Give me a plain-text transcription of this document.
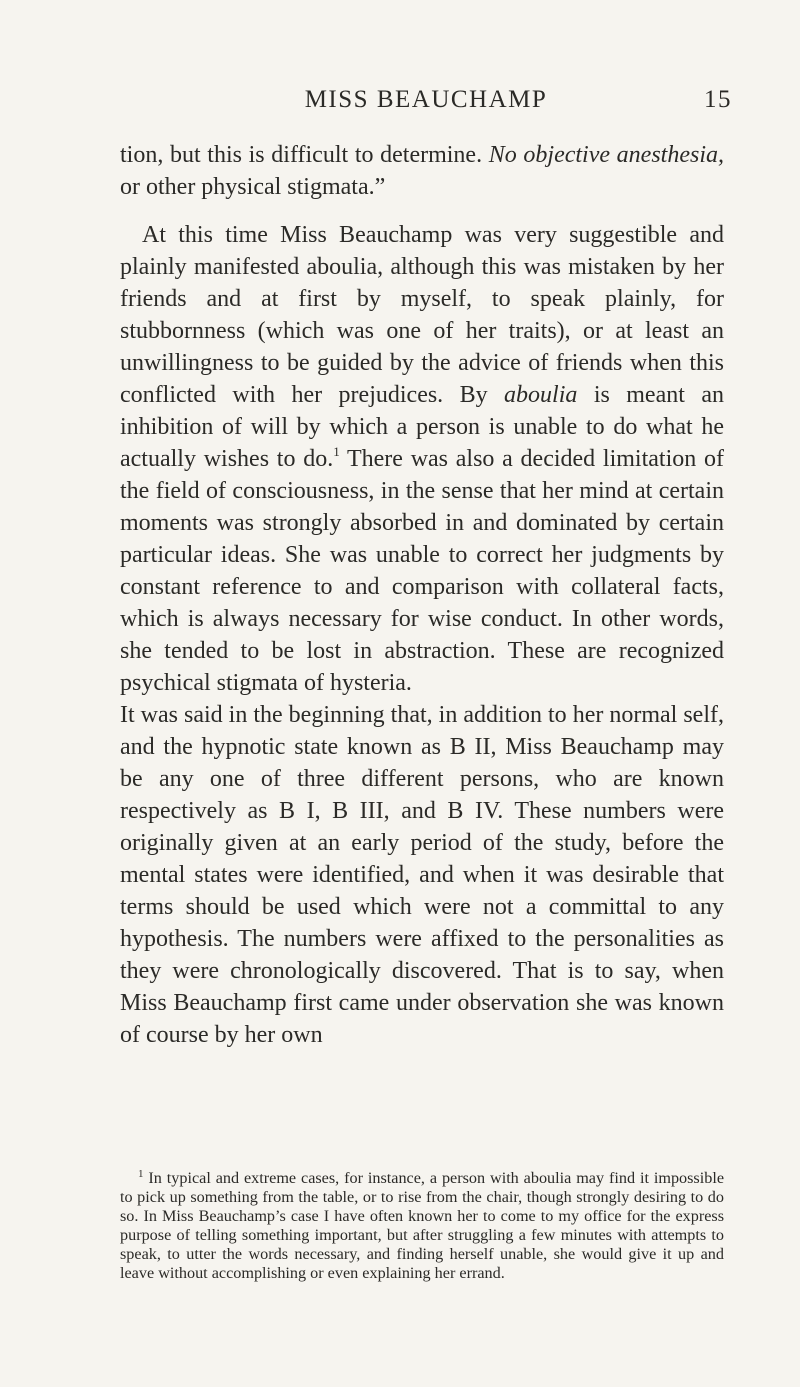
MISS BEAUCHAMP	15

tion, but this is difficult to determine. No objective anesthesia, or other physical stigmata.”

At this time Miss Beauchamp was very suggestible and plainly manifested aboulia, although this was mistaken by her friends and at first by myself, to speak plainly, for stubbornness (which was one of her traits), or at least an unwillingness to be guided by the advice of friends when this conflicted with her prejudices. By aboulia is meant an inhibition of will by which a person is unable to do what he actually wishes to do.$^1$ There was also a decided limitation of the field of consciousness, in the sense that her mind at certain moments was strongly absorbed in and dominated by certain particular ideas. She was unable to correct her judgments by constant reference to and comparison with collateral facts, which is always necessary for wise conduct. In other words, she tended to be lost in abstraction. These are recognized psychical stigmata of hysteria.

It was said in the beginning that, in addition to her normal self, and the hypnotic state known as B II, Miss Beauchamp may be any one of three different persons, who are known respectively as B I, B III, and B IV. These numbers were originally given at an early period of the study, before the mental states were identified, and when it was desirable that terms should be used which were not a committal to any hypothesis. The numbers were affixed to the personalities as they were chronologically discovered. That is to say, when Miss Beauchamp first came under observation she was known of course by her own

$^1$ In typical and extreme cases, for instance, a person with aboulia may find it impossible to pick up something from the table, or to rise from the chair, though strongly desiring to do so. In Miss Beauchamp’s case I have often known her to come to my office for the express purpose of telling something important, but after struggling a few minutes with attempts to speak, to utter the words necessary, and finding herself unable, she would give it up and leave without accomplishing or even explaining her errand.
